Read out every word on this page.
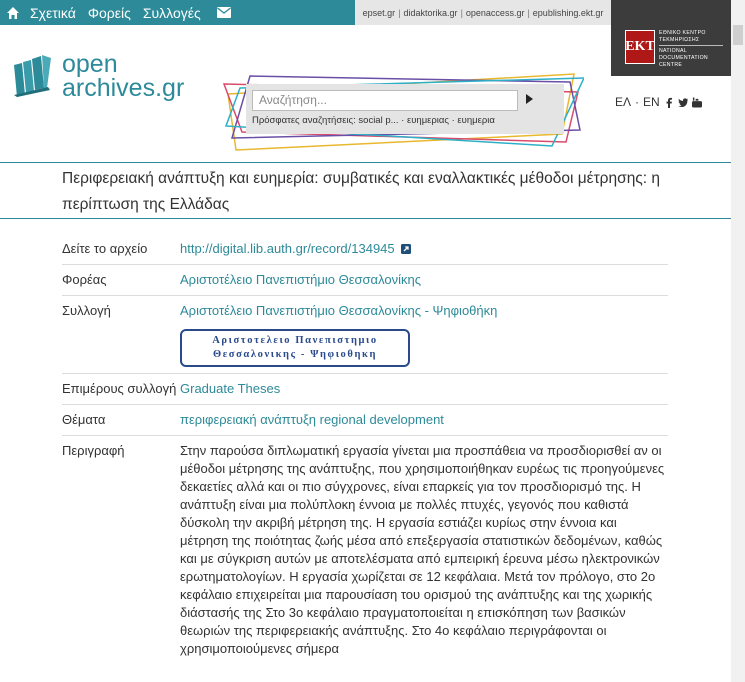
Σχετικά Φορείς Συλλογές	epset.gr | didaktorika.gr | openaccess.gr | epublishing.ekt.gr
EKT
ΕΘΝΙΚΟ ΚΕΝΤΡΟ
ΤΕΚΜΗΡΙΩΣΗΣ
NATIONAL
DOCUMENTATION
CENTRE
open
archives.gr	Αναζήτηση...
Πρόσφατες αναζητήσεις: social p... · ευημεριας · ευημερια
ΕΛ · ΕΝ
Περιφερειακή ανάπτυξη και ευημερία: συμβατικές και εναλλακτικές μέθοδοι μέτρησης: η περίπτωση της Ελλάδας
Δείτε το αρχείο	http://digital.lib.auth.gr/record/134945
Φορέας	Αριστοτέλειο Πανεπιστήμιο Θεσσαλονίκης
Συλλογή	Αριστοτέλειο Πανεπιστήμιο Θεσσαλονίκης - Ψηφιοθήκη
Αριστοτελειο Πανεπιστημιο
Θεσσαλονικης - Ψηφιοθηκη
Επιμέρους συλλογή Graduate Theses
Θέματα	περιφερειακή ανάπτυξη regional development
Περιγραφή	Στην παρούσα διπλωματική εργασία γίνεται μια προσπάθεια να προσδιορισθεί αν οι μέθοδοι μέτρησης της ανάπτυξης, που χρησιμοποιήθηκαν ευρέως τις προηγούμενες δεκαετίες αλλά και οι πιο σύγχρονες, είναι επαρκείς για τον προσδιορισμό της. Η ανάπτυξη είναι μια πολύπλοκη έννοια με πολλές πτυχές, γεγονός που καθιστά δύσκολη την ακριβή μέτρηση της. Η εργασία εστιάζει κυρίως στην έννοια και μέτρηση της ποιότητας ζωής μέσα από επεξεργασία στατιστικών δεδομένων, καθώς και με σύγκριση αυτών με αποτελέσματα από εμπειρική έρευνα μέσω ηλεκτρονικών ερωτηματολογίων. Η εργασία χωρίζεται σε 12 κεφάλαια. Μετά τον πρόλογο, στο 2ο κεφάλαιο επιχειρείται μια παρουσίαση του ορισμού της ανάπτυξης και της χωρικής διάστασής της Στο 3ο κεφάλαιο πραγματοποιείται η επισκόπηση των βασικών θεωριών της περιφερειακής ανάπτυξης. Στο 4ο κεφάλαιο περιγράφονται οι χρησιμοποιούμενες σήμερα
